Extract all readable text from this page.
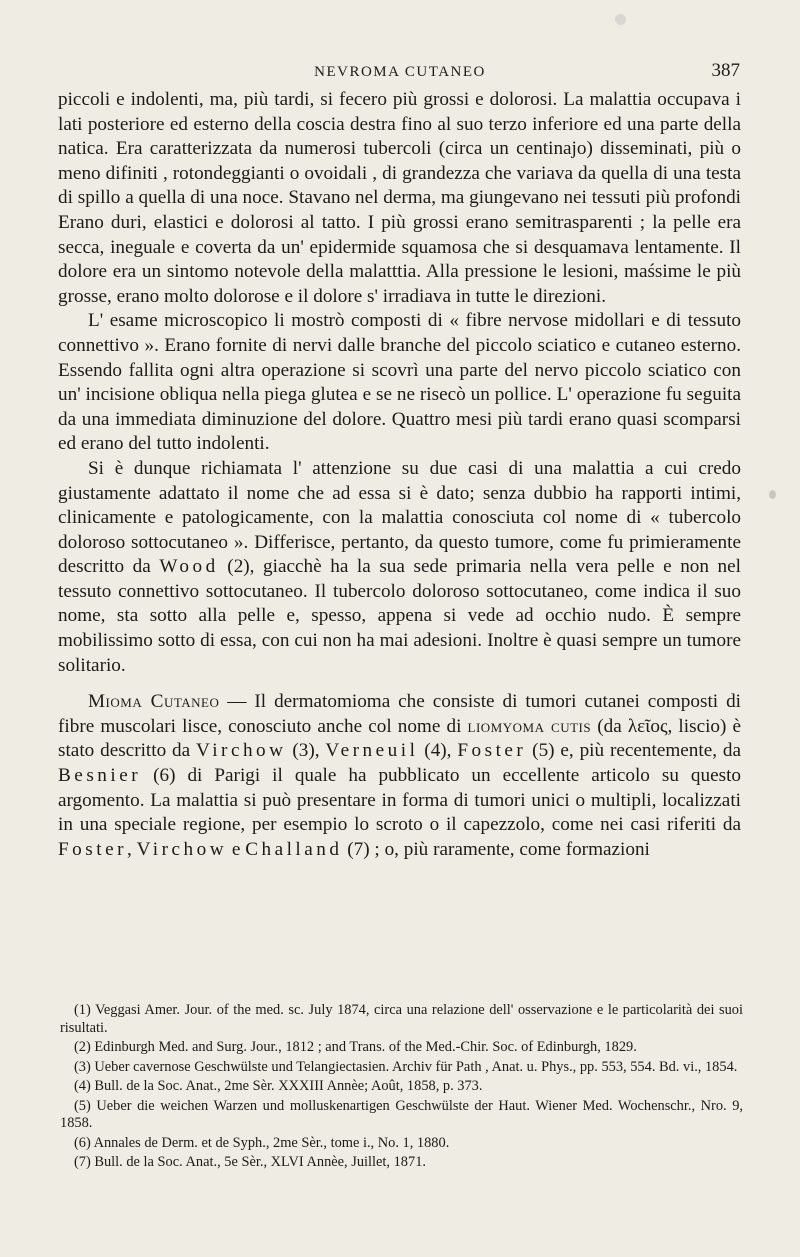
NEVROMA CUTANEO	387

piccoli e indolenti, ma, più tardi, si fecero più grossi e dolorosi. La malattia occupava i lati posteriore ed esterno della coscia destra fino al suo terzo inferiore ed una parte della natica. Era caratterizzata da numerosi tubercoli (circa un centinajo) disseminati, più o meno difiniti , rotondeggianti o ovoidali , di grandezza che variava da quella di una testa di spillo a quella di una noce. Stavano nel derma, ma giungevano nei tessuti più profondi Erano duri, elastici e dolorosi al tatto. I più grossi erano semitrasparenti ; la pelle era secca, ineguale e coverta da un' epidermide squamosa che si desquamava lentamente. Il dolore era un sintomo notevole della malatttia. Alla pressione le lesioni, maśsime le più grosse, erano molto dolorose e il dolore s' irradiava in tutte le direzioni.

L' esame microscopico li mostrò composti di « fibre nervose midollari e di tessuto connettivo ». Erano fornite di nervi dalle branche del piccolo sciatico e cutaneo esterno. Essendo fallita ogni altra operazione si scovrì una parte del nervo piccolo sciatico con un' incisione obliqua nella piega glutea e se ne risecò un pollice. L' operazione fu seguita da una immediata diminuzione del dolore. Quattro mesi più tardi erano quasi scomparsi ed erano del tutto indolenti.

Si è dunque richiamata l' attenzione su due casi di una malattia a cui credo giustamente adattato il nome che ad essa si è dato; senza dubbio ha rapporti intimi, clinicamente e patologicamente, con la malattia conosciuta col nome di « tubercolo doloroso sottocutaneo ». Differisce, pertanto, da questo tumore, come fu primieramente descritto da Wood (2), giacchè ha la sua sede primaria nella vera pelle e non nel tessuto connettivo sottocutaneo. Il tubercolo doloroso sottocutaneo, come indica il suo nome, sta sotto alla pelle e, spesso, appena si vede ad occhio nudo. È sempre mobilissimo sotto di essa, con cui non ha mai adesioni. Inoltre è quasi sempre un tumore solitario.

Mioma Cutaneo — Il dermatomioma che consiste di tumori cutanei composti di fibre muscolari lisce, conosciuto anche col nome di liomyoma cutis (da λεῖος, liscio) è stato descritto da Virchow (3), Verneuil (4), Foster (5) e, più recentemente, da Besnier (6) di Parigi il quale ha pubblicato un eccellente articolo su questo argomento. La malattia si può presentare in forma di tumori unici o multipli, localizzati in una speciale regione, per esempio lo scroto o il capezzolo, come nei casi riferiti da Foster, Virchow e Challand (7) ; o, più raramente, come formazioni

(1) Veggasi Amer. Jour. of the med. sc. July 1874, circa una relazione dell' osservazione e le particolarità dei suoi risultati.

(2) Edinburgh Med. and Surg. Jour., 1812 ; and Trans. of the Med.-Chir. Soc. of Edinburgh, 1829.

(3) Ueber cavernose Geschwülste und Telangiectasien. Archiv für Path , Anat. u. Phys., pp. 553, 554. Bd. vi., 1854.

(4) Bull. de la Soc. Anat., 2me Sèr. XXXIII Annèe; Août, 1858, p. 373.

(5) Ueber die weichen Warzen und molluskenartigen Geschwülste der Haut. Wiener Med. Wochenschr., Nro. 9, 1858.

(6) Annales de Derm. et de Syph., 2me Sèr., tome i., No. 1, 1880.

(7) Bull. de la Soc. Anat., 5e Sèr., XLVI Annèe, Juillet, 1871.
